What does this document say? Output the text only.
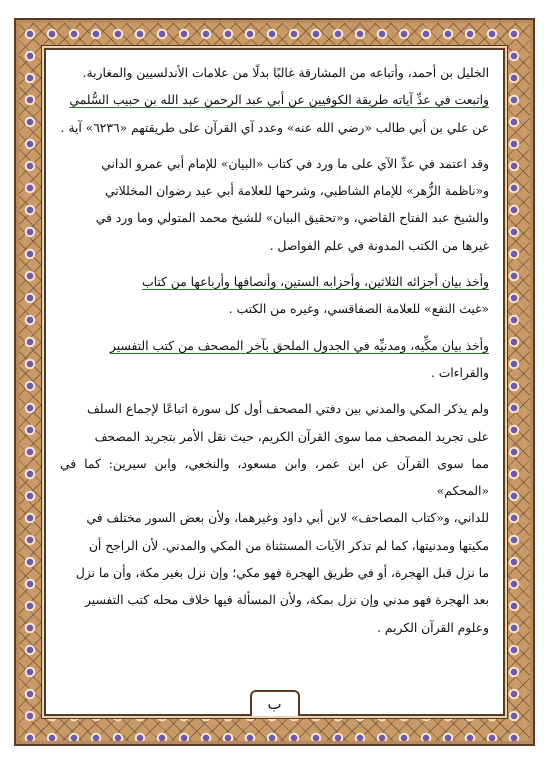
الخليل بن أحمد، وأتباعه من المشارقة غالبًا بدلًا من علامات الأندلسيين والمغاربة.
واتبعت في عدِّ آياته طريقة الكوفيين عن أبي عبد الرحمن عبد الله بن حبيب السُّلمي
عن علي بن أبي طالب «رضي الله عنه» وعدد آي القرآن على طريقتهم «٦٢٣٦» آية .

وقد اعتمد في عدِّ الآي على ما ورد في كتاب «البيان» للإمام أبي عمرو الداني
و«ناظمة الزُّهر» للإمام الشاطبي، وشرحها للعلامة أبي عيد رضوان المخللاتي
والشيخ عبد الفتاح القاضي، و«تحقيق البيان» للشيخ محمد المتولي وما ورد في
غيرها من الكتب المدونة في علم الفواصل .

وأخذ بيان أجزائه الثلاثين، وأحزابه الستين، وأنصافها وأرباعها من كتاب
«غيث النفع» للعلامة الصفاقسي، وغيره من الكتب .

وأخذ بيان مكِّيه، ومدنيِّه في الجدول الملحق بآخر المصحف من كتب التفسير
والقراءات .

ولم يذكر المكي والمدني بين دفتي المصحف أول كل سورة اتباعًا لإجماع السلف
على تجريد المصحف مما سوى القرآن الكريم، حيث نقل الأمر بتجريد المصحف
مما سوى القرآن عن ابن عمر، وابن مسعود، والنخعي، وابن سيرين: كما في «المحكم»
للداني، و«كتاب المصاحف» لابن أبي داود وغيرهما، ولأن بعض السور مختلف في
مكيتها ومدنيتها، كما لم تذكر الآيات المستثناة من المكي والمدني. لأن الراجح أن
ما نزل قبل الهجرة، أو في طريق الهجرة فهو مكي؛ وإن نزل بغير مكة، وأن ما نزل
بعد الهجرة فهو مدني وإن نزل بمكة، ولأن المسألة فيها خلاف محله كتب التفسير
وعلوم القرآن الكريم .

ب
